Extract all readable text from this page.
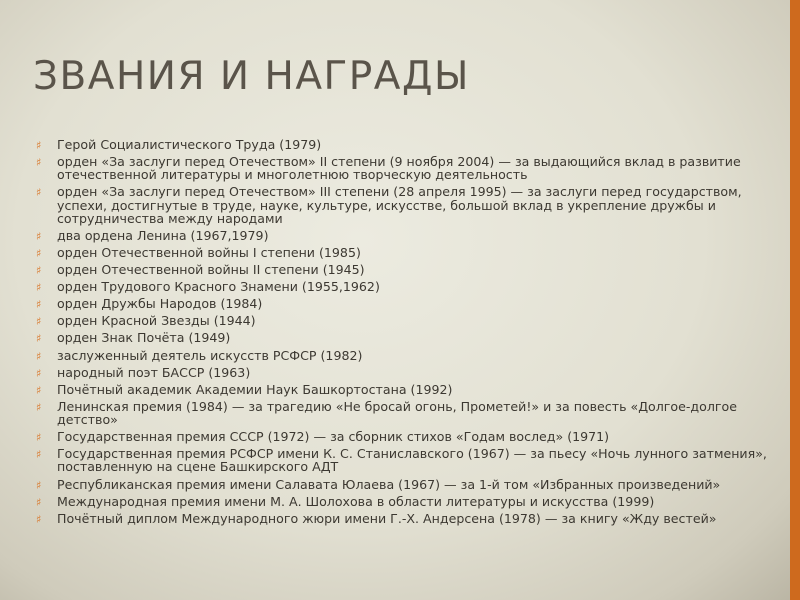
ЗВАНИЯ И НАГРАДЫ
♯ Герой Социалистического Труда (1979)
♯ орден «За заслуги перед Отечеством» II степени (9 ноября 2004) — за выдающийся вклад в развитие отечественной литературы и многолетнюю творческую деятельность
♯ орден «За заслуги перед Отечеством» III степени (28 апреля 1995) — за заслуги перед государством, успехи, достигнутые в труде, науке, культуре, искусстве, большой вклад в укрепление дружбы и сотрудничества между народами
♯ два ордена Ленина (1967,1979)
♯ орден Отечественной войны I степени (1985)
♯ орден Отечественной войны II степени (1945)
♯ орден Трудового Красного Знамени (1955,1962)
♯ орден Дружбы Народов (1984)
♯ орден Красной Звезды (1944)
♯ орден Знак Почёта (1949)
♯ заслуженный деятель искусств РСФСР (1982)
♯ народный поэт БАССР (1963)
♯ Почётный академик Академии Наук Башкортостана (1992)
♯ Ленинская премия (1984) — за трагедию «Не бросай огонь, Прометей!» и за повесть «Долгое-долгое детство»
♯ Государственная премия СССР (1972) — за сборник стихов «Годам вослед» (1971)
♯ Государственная премия РСФСР имени К. С. Станиславского (1967) — за пьесу «Ночь лунного затмения», поставленную на сцене Башкирского АДТ
♯ Республиканская премия имени Салавата Юлаева (1967) — за 1-й том «Избранных произведений»
♯ Международная премия имени М. А. Шолохова в области литературы и искусства (1999)
♯ Почётный диплом Международного жюри имени Г.-Х. Андерсена (1978) — за книгу «Жду вестей»
